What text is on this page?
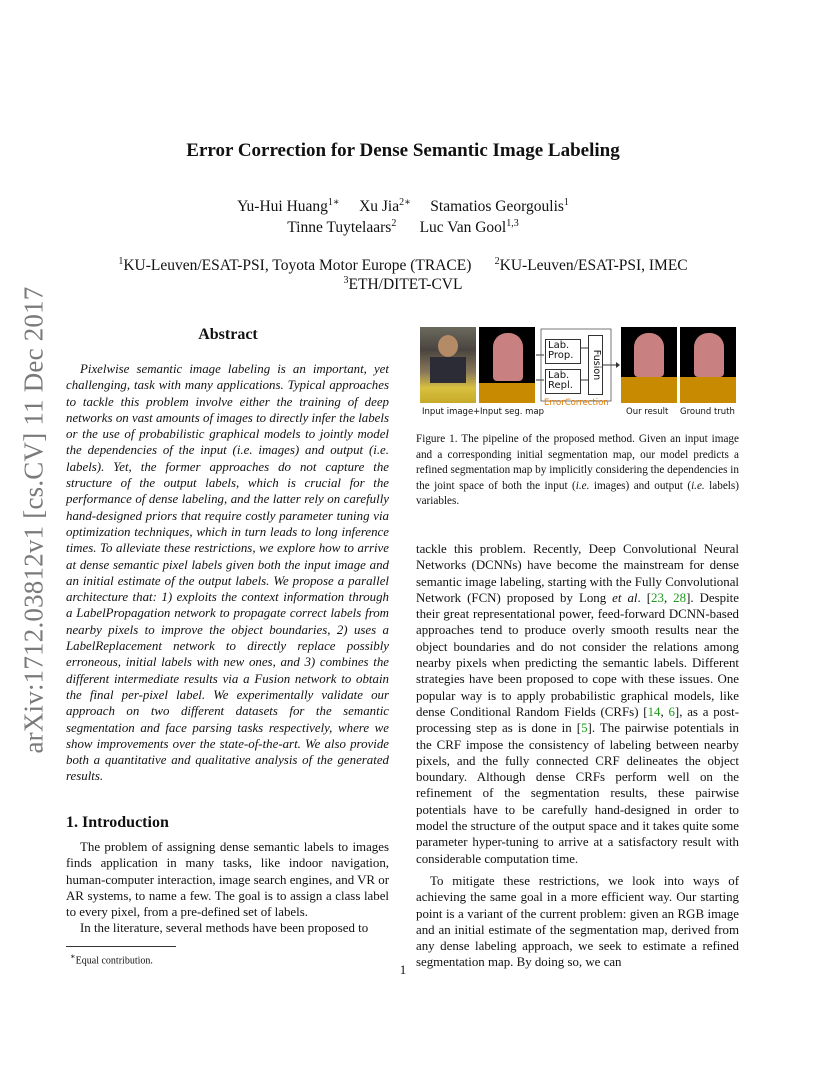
arXiv:1712.03812v1 [cs.CV] 11 Dec 2017
Error Correction for Dense Semantic Image Labeling
Yu-Hui Huang$^{1∗}$ Xu Jia$^{2∗}$ Stamatios Georgoulis$^1$
Tinne Tuytelaars$^2$ Luc Van Gool$^{1,3}$
$^1$KU-Leuven/ESAT-PSI, Toyota Motor Europe (TRACE) $^2$KU-Leuven/ESAT-PSI, IMEC
$^3$ETH/DITET-CVL
Abstract
Pixelwise semantic image labeling is an important, yet challenging, task with many applications. Typical approaches to tackle this problem involve either the training of deep networks on vast amounts of images to directly infer the labels or the use of probabilistic graphical models to jointly model the dependencies of the input (i.e. images) and output (i.e. labels). Yet, the former approaches do not capture the structure of the output labels, which is crucial for the performance of dense labeling, and the latter rely on carefully hand-designed priors that require costly parameter tuning via optimization techniques, which in turn leads to long inference times. To alleviate these restrictions, we explore how to arrive at dense semantic pixel labels given both the input image and an initial estimate of the output labels. We propose a parallel architecture that: 1) exploits the context information through a LabelPropagation network to propagate correct labels from nearby pixels to improve the object boundaries, 2) uses a LabelReplacement network to directly replace possibly erroneous, initial labels with new ones, and 3) combines the different intermediate results via a Fusion network to obtain the final per-pixel label. We experimentally validate our approach on two different datasets for the semantic segmentation and face parsing tasks respectively, where we show improvements over the state-of-the-art. We also provide both a quantitative and qualitative analysis of the generated results.
1. Introduction

The problem of assigning dense semantic labels to images finds application in many tasks, like indoor navigation, human-computer interaction, image search engines, and VR or AR systems, to name a few. The goal is to assign a class label to every pixel, from a pre-defined set of labels.

In the literature, several methods have been proposed to

∗Equal contribution.
Lab.
Prop.
Lab.
Repl.
Fusion
ErrorCorrection
Input image + Input seg. map	Our result Ground truth
Figure 1. The pipeline of the proposed method. Given an input image and a corresponding initial segmentation map, our model predicts a refined segmentation map by implicitly considering the dependencies in the joint space of both the input (i.e. images) and output (i.e. labels) variables.

tackle this problem. Recently, Deep Convolutional Neural Networks (DCNNs) have become the mainstream for dense semantic image labeling, starting with the Fully Convolutional Network (FCN) proposed by Long et al. [23, 28]. Despite their great representational power, feed-forward DCNN-based approaches tend to produce overly smooth results near the object boundaries and do not consider the relations among nearby pixels when predicting the semantic labels. Different strategies have been proposed to cope with these issues. One popular way is to apply probabilistic graphical models, like dense Conditional Random Fields (CRFs) [14, 6], as a post-processing step as is done in [5]. The pairwise potentials in the CRF impose the consistency of labeling between nearby pixels, and the fully connected CRF delineates the object boundary. Although dense CRFs perform well on the refinement of the segmentation results, these pairwise potentials have to be carefully hand-designed in order to model the structure of the output space and it takes quite some parameter hyper-tuning to arrive at a satisfactory result with considerable computation time.

To mitigate these restrictions, we look into ways of achieving the same goal in a more efficient way. Our starting point is a variant of the current problem: given an RGB image and an initial estimate of the segmentation map, derived from any dense labeling approach, we seek to estimate a refined segmentation map. By doing so, we can

1
